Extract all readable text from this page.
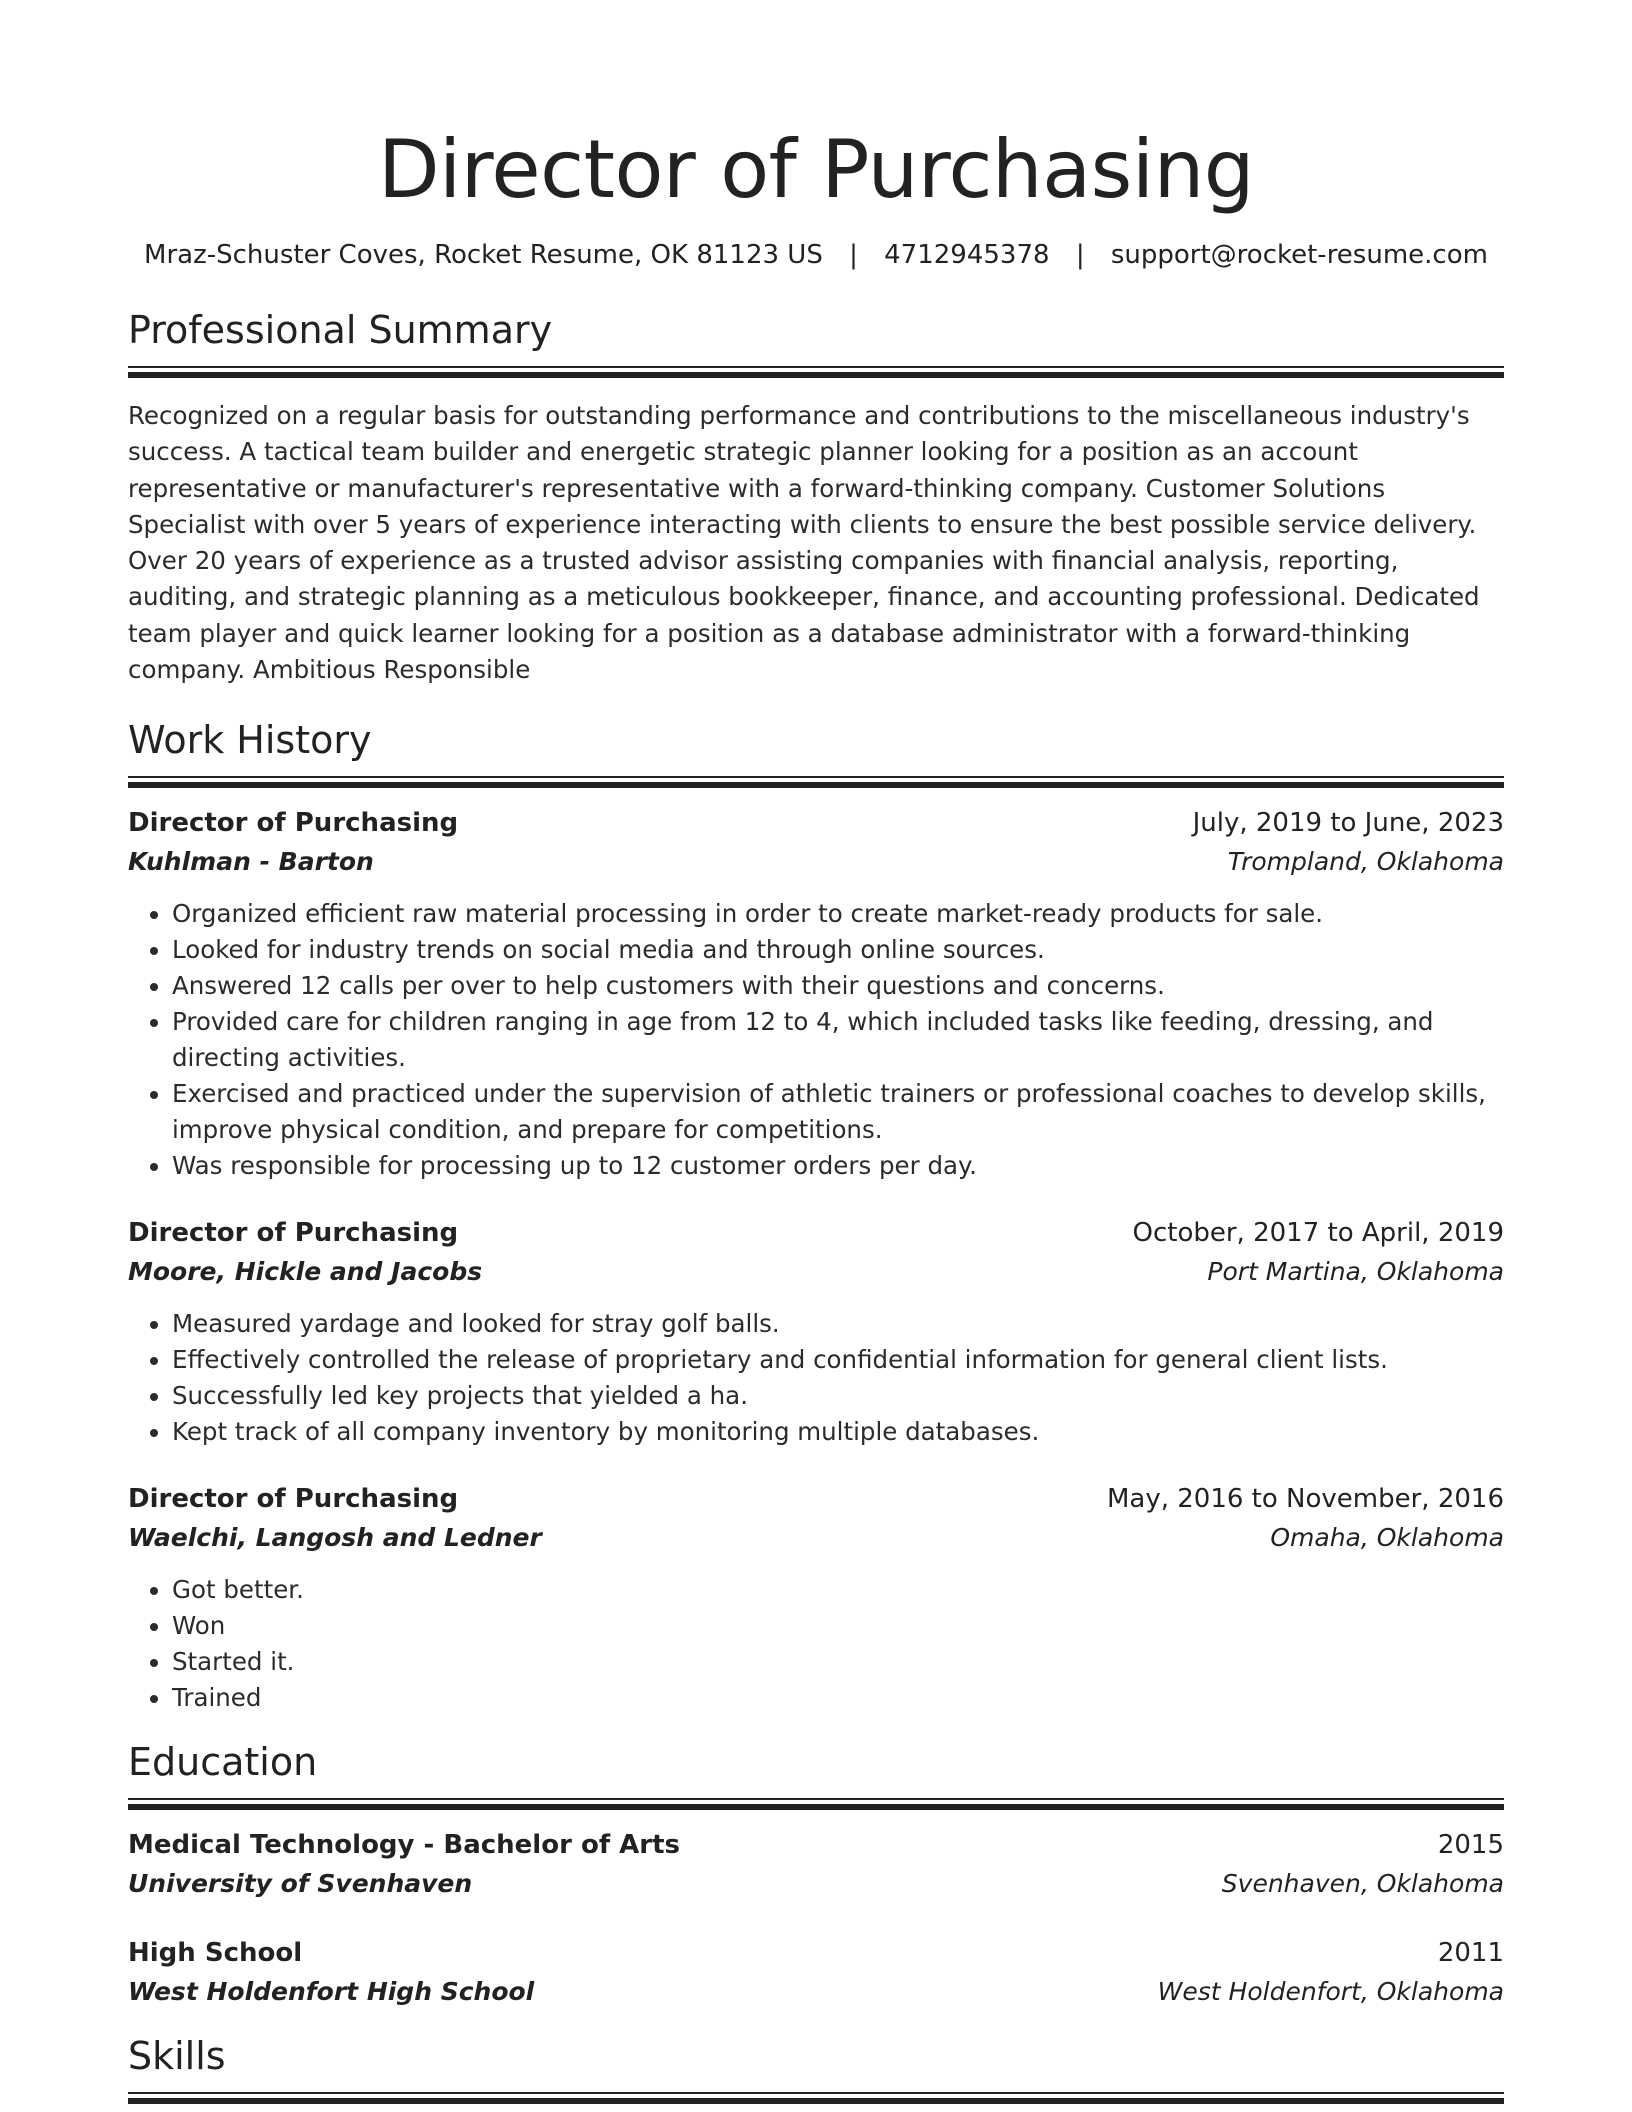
Director of Purchasing
Mraz-Schuster Coves, Rocket Resume, OK 81123 US | 4712945378 | support@rocket-resume.com
Professional Summary
Recognized on a regular basis for outstanding performance and contributions to the miscellaneous industry's success. A tactical team builder and energetic strategic planner looking for a position as an account representative or manufacturer's representative with a forward-thinking company. Customer Solutions Specialist with over 5 years of experience interacting with clients to ensure the best possible service delivery. Over 20 years of experience as a trusted advisor assisting companies with financial analysis, reporting, auditing, and strategic planning as a meticulous bookkeeper, finance, and accounting professional. Dedicated team player and quick learner looking for a position as a database administrator with a forward-thinking company. Ambitious Responsible
Work History
Director of Purchasing	July, 2019 to June, 2023
Kuhlman - Barton	Trompland, Oklahoma
• Organized efficient raw material processing in order to create market-ready products for sale.
• Looked for industry trends on social media and through online sources.
• Answered 12 calls per over to help customers with their questions and concerns.
• Provided care for children ranging in age from 12 to 4, which included tasks like feeding, dressing, and directing activities.
• Exercised and practiced under the supervision of athletic trainers or professional coaches to develop skills, improve physical condition, and prepare for competitions.
• Was responsible for processing up to 12 customer orders per day.
Director of Purchasing	October, 2017 to April, 2019
Moore, Hickle and Jacobs	Port Martina, Oklahoma
• Measured yardage and looked for stray golf balls.
• Effectively controlled the release of proprietary and confidential information for general client lists.
• Successfully led key projects that yielded a ha.
• Kept track of all company inventory by monitoring multiple databases.
Director of Purchasing	May, 2016 to November, 2016
Waelchi, Langosh and Ledner	Omaha, Oklahoma
• Got better.
• Won
• Started it.
• Trained
Education
Medical Technology - Bachelor of Arts	2015
University of Svenhaven	Svenhaven, Oklahoma
High School	2011
West Holdenfort High School	West Holdenfort, Oklahoma
Skills
